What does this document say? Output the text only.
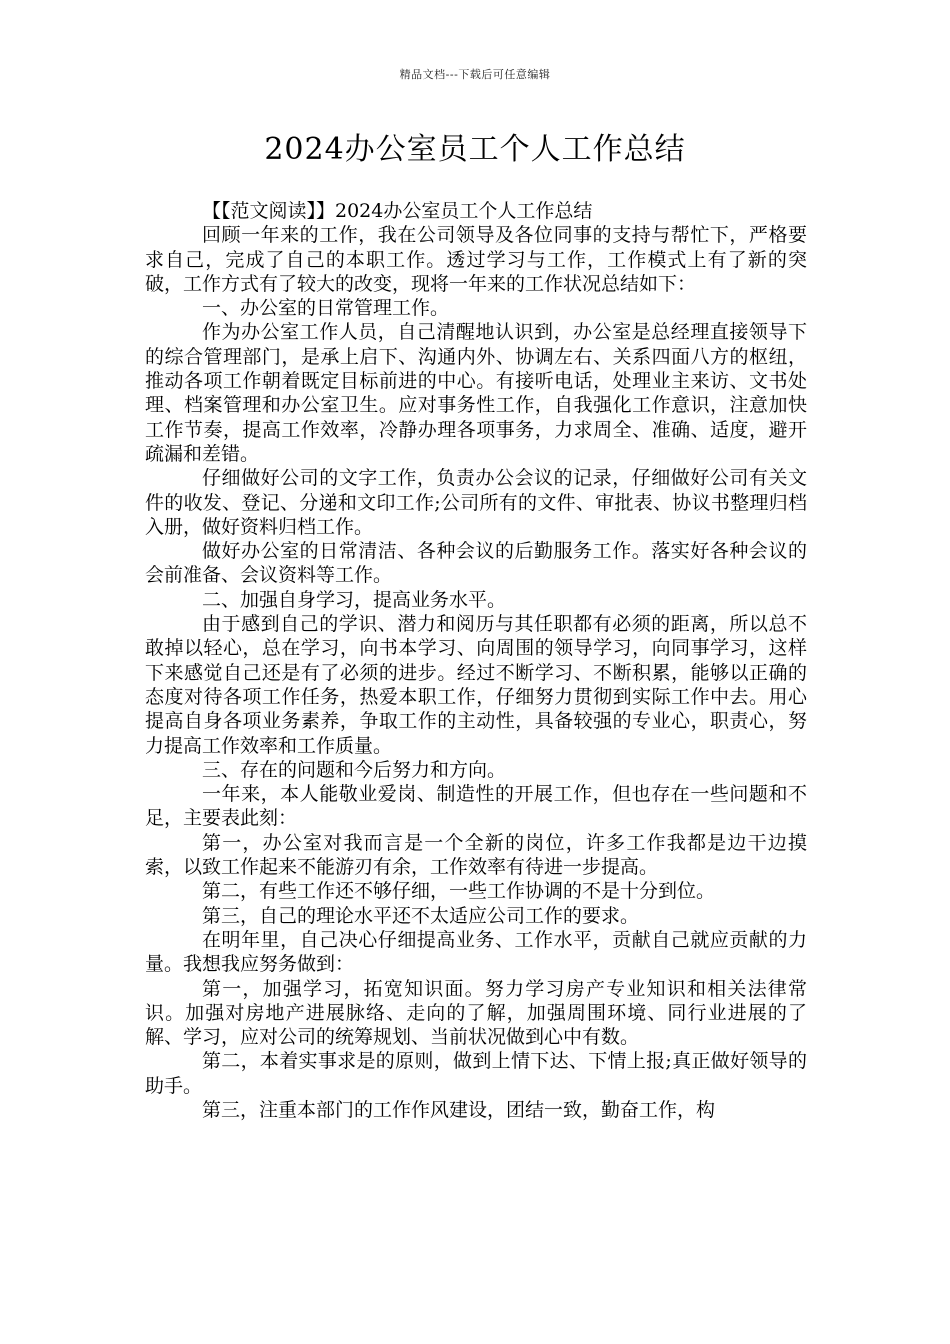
精品文档---下载后可任意编辑
2024办公室员工个人工作总结

【【范文阅读】】2024办公室员工个人工作总结

回顾一年来的工作，我在公司领导及各位同事的支持与帮忙下，严格要求自己，完成了自己的本职工作。透过学习与工作，工作模式上有了新的突破，工作方式有了较大的改变，现将一年来的工作状况总结如下：

一、办公室的日常管理工作。

作为办公室工作人员，自己清醒地认识到，办公室是总经理直接领导下的综合管理部门，是承上启下、沟通内外、协调左右、关系四面八方的枢纽，推动各项工作朝着既定目标前进的中心。有接听电话，处理业主来访、文书处理、档案管理和办公室卫生。应对事务性工作，自我强化工作意识，注意加快工作节奏，提高工作效率，冷静办理各项事务，力求周全、准确、适度，避开疏漏和差错。

仔细做好公司的文字工作，负责办公会议的记录，仔细做好公司有关文件的收发、登记、分递和文印工作;公司所有的文件、审批表、协议书整理归档入册，做好资料归档工作。

做好办公室的日常清洁、各种会议的后勤服务工作。落实好各种会议的会前准备、会议资料等工作。

二、加强自身学习，提高业务水平。

由于感到自己的学识、潜力和阅历与其任职都有必须的距离，所以总不敢掉以轻心，总在学习，向书本学习、向周围的领导学习，向同事学习，这样下来感觉自己还是有了必须的进步。经过不断学习、不断积累，能够以正确的态度对待各项工作任务，热爱本职工作，仔细努力贯彻到实际工作中去。用心提高自身各项业务素养，争取工作的主动性，具备较强的专业心，职责心，努力提高工作效率和工作质量。

三、存在的问题和今后努力和方向。

一年来，本人能敬业爱岗、制造性的开展工作，但也存在一些问题和不足，主要表此刻：

第一，办公室对我而言是一个全新的岗位，许多工作我都是边干边摸索，以致工作起来不能游刃有余，工作效率有待进一步提高。

第二，有些工作还不够仔细，一些工作协调的不是十分到位。

第三，自己的理论水平还不太适应公司工作的要求。

在明年里，自己决心仔细提高业务、工作水平，贡献自己就应贡献的力量。我想我应努务做到：

第一，加强学习，拓宽知识面。努力学习房产专业知识和相关法律常识。加强对房地产进展脉络、走向的了解，加强周围环境、同行业进展的了解、学习，应对公司的统筹规划、当前状况做到心中有数。

第二，本着实事求是的原则，做到上情下达、下情上报;真正做好领导的助手。

第三，注重本部门的工作作风建设，团结一致，勤奋工作，构
